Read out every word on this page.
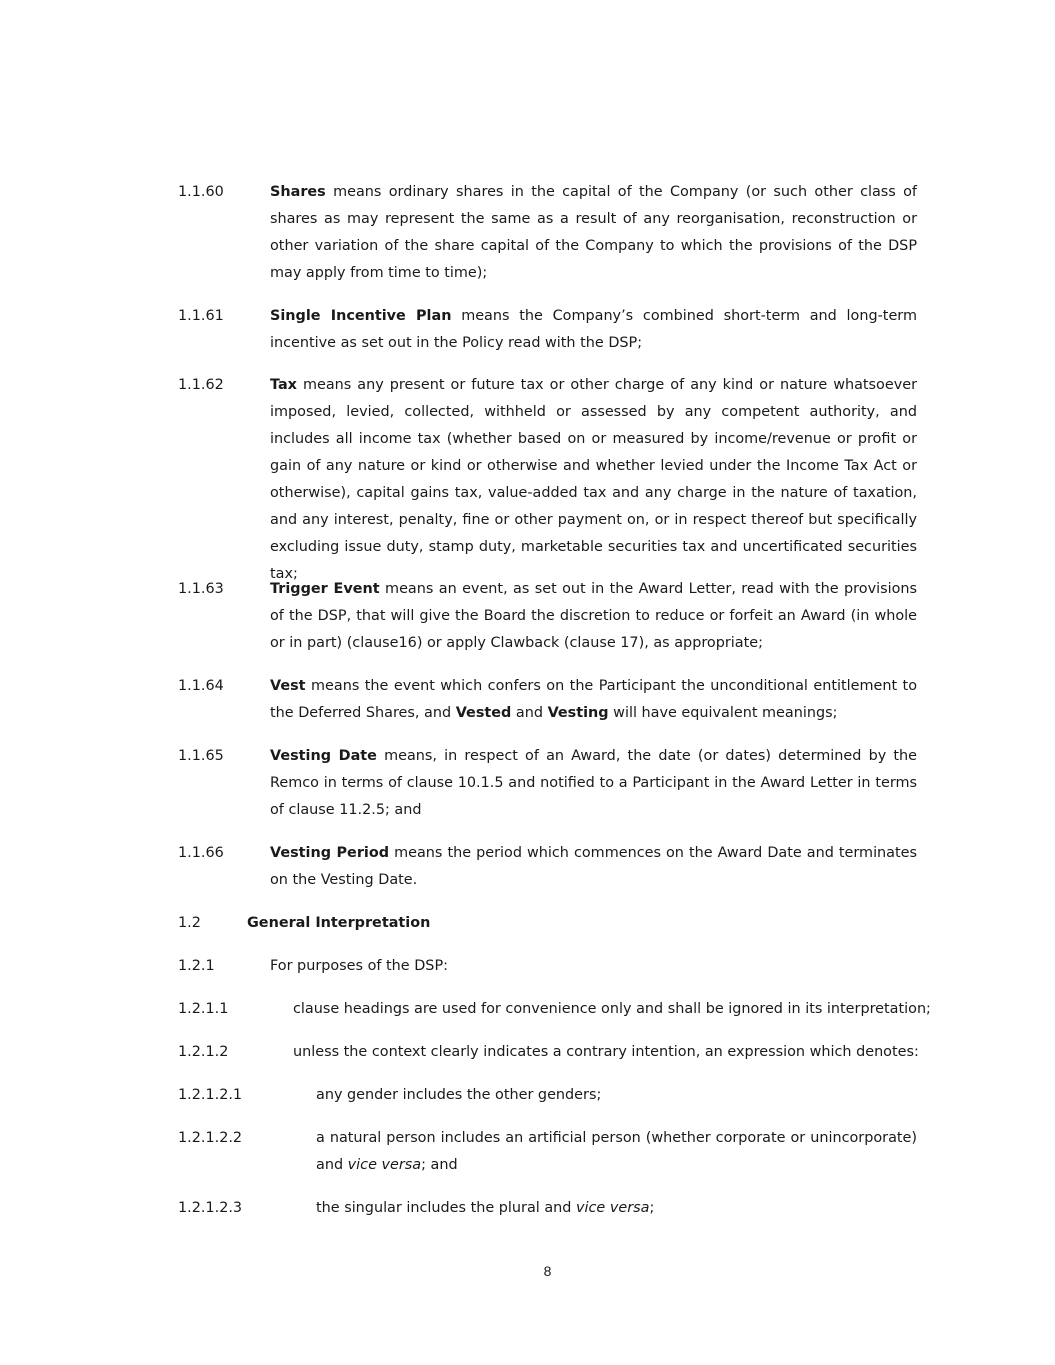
1.1.60	Shares means ordinary shares in the capital of the Company (or such other class of shares as may represent the same as a result of any reorganisation, reconstruction or other variation of the share capital of the Company to which the provisions of the DSP may apply from time to time);
1.1.61	Single Incentive Plan means the Company’s combined short-term and long-term incentive as set out in the Policy read with the DSP;
1.1.62	Tax means any present or future tax or other charge of any kind or nature whatsoever imposed, levied, collected, withheld or assessed by any competent authority, and includes all income tax (whether based on or measured by income/revenue or profit or gain of any nature or kind or otherwise and whether levied under the Income Tax Act or otherwise), capital gains tax, value-added tax and any charge in the nature of taxation, and any interest, penalty, fine or other payment on, or in respect thereof but specifically excluding issue duty, stamp duty, marketable securities tax and uncertificated securities tax;
1.1.63	Trigger Event means an event, as set out in the Award Letter, read with the provisions of the DSP, that will give the Board the discretion to reduce or forfeit an Award (in whole or in part) (clause16) or apply Clawback (clause 17), as appropriate;
1.1.64	Vest means the event which confers on the Participant the unconditional entitlement to the Deferred Shares, and Vested and Vesting will have equivalent meanings;
1.1.65	Vesting Date means, in respect of an Award, the date (or dates) determined by the Remco in terms of clause 10.1.5 and notified to a Participant in the Award Letter in terms of clause 11.2.5; and
1.1.66	Vesting Period means the period which commences on the Award Date and terminates on the Vesting Date.
1.2	General Interpretation
1.2.1	For purposes of the DSP:
1.2.1.1	clause headings are used for convenience only and shall be ignored in its interpretation;
1.2.1.2	unless the context clearly indicates a contrary intention, an expression which denotes:
1.2.1.2.1	any gender includes the other genders;
1.2.1.2.2	a natural person includes an artificial person (whether corporate or unincorporate) and vice versa; and
1.2.1.2.3	the singular includes the plural and vice versa;
8
